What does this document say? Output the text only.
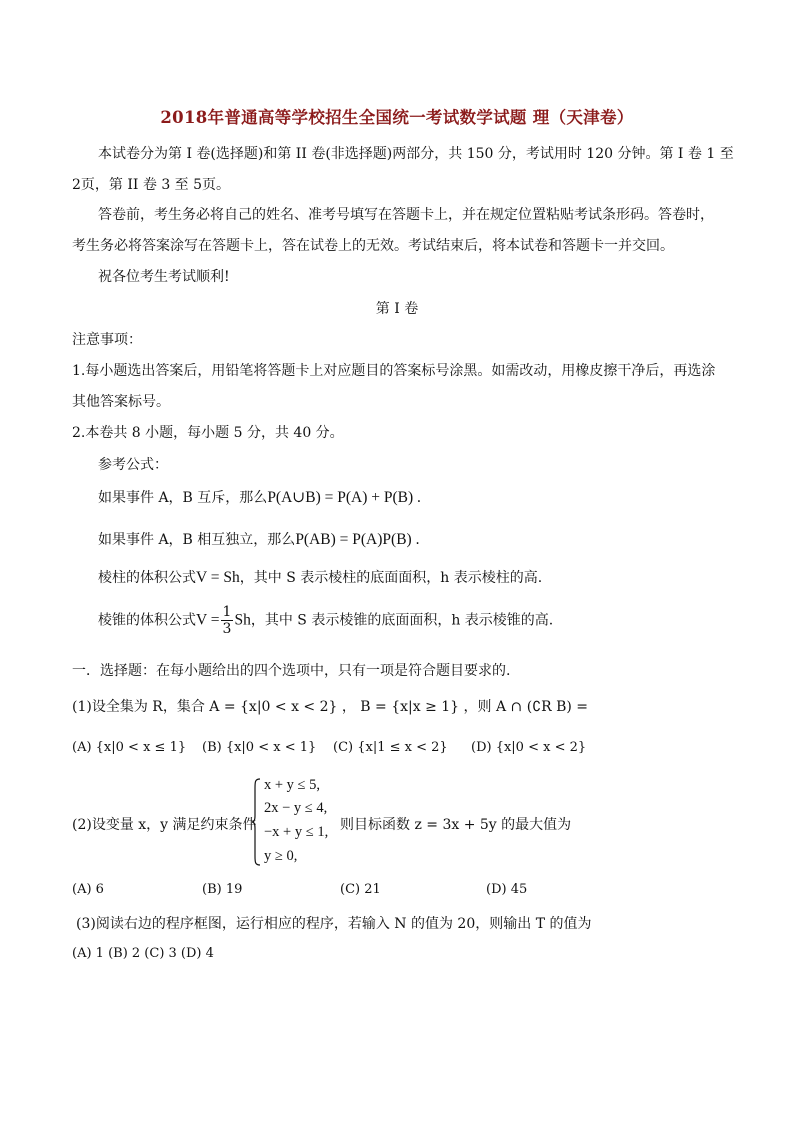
2018年普通高等学校招生全国统一考试数学试题 理（天津卷）
本试卷分为第 I 卷(选择题)和第 II 卷(非选择题)两部分，共 150 分，考试用时 120 分钟。第 I 卷 1 至
2页，第 II 卷 3 至 5页。
答卷前，考生务必将自己的姓名、准考号填写在答题卡上，并在规定位置粘贴考试条形码。答卷时，
考生务必将答案涂写在答题卡上，答在试卷上的无效。考试结束后，将本试卷和答题卡一并交回。
祝各位考生考试顺利!
第 I 卷
注意事项：
1.每小题选出答案后，用铅笔将答题卡上对应题目的答案标号涂黑。如需改动，用橡皮擦干净后，再选涂
其他答案标号。
2.本卷共 8 小题，每小题 5 分，共 40 分。
参考公式：
如果事件 A，B 互斥，那么P(A∪B) = P(A) + P(B) .
如果事件 A，B 相互独立，那么P(AB) = P(A)P(B) .
棱柱的体积公式V = Sh，其中 S 表示棱柱的底面面积，h 表示棱柱的高.
棱锥的体积公式$V = \frac{1}{3}$ Sh，其中 S 表示棱锥的底面面积，h 表示棱锥的高.
一．选择题：在每小题给出的四个选项中，只有一项是符合题目要求的.
(1)设全集为 R，集合 A = {x|0 < x < 2} ， B = {x|x ≥ 1} ，则 A ∩ (∁R B) =
(A) {x|0 < x ≤ 1} (B) {x|0 < x < 1} (C) {x|1 ≤ x < 2} (D) {x|0 < x < 2}
(2)设变量 x，y 满足约束条件
x + y ≤ 5,
2x − y ≤ 4,
−x + y ≤ 1,
y ≥ 0,
则目标函数 z = 3x + 5y 的最大值为
(A) 6	(B) 19	(C) 21	(D) 45
(3)阅读右边的程序框图，运行相应的程序，若输入 N 的值为 20，则输出 T 的值为
(A) 1 (B) 2 (C) 3 (D) 4
